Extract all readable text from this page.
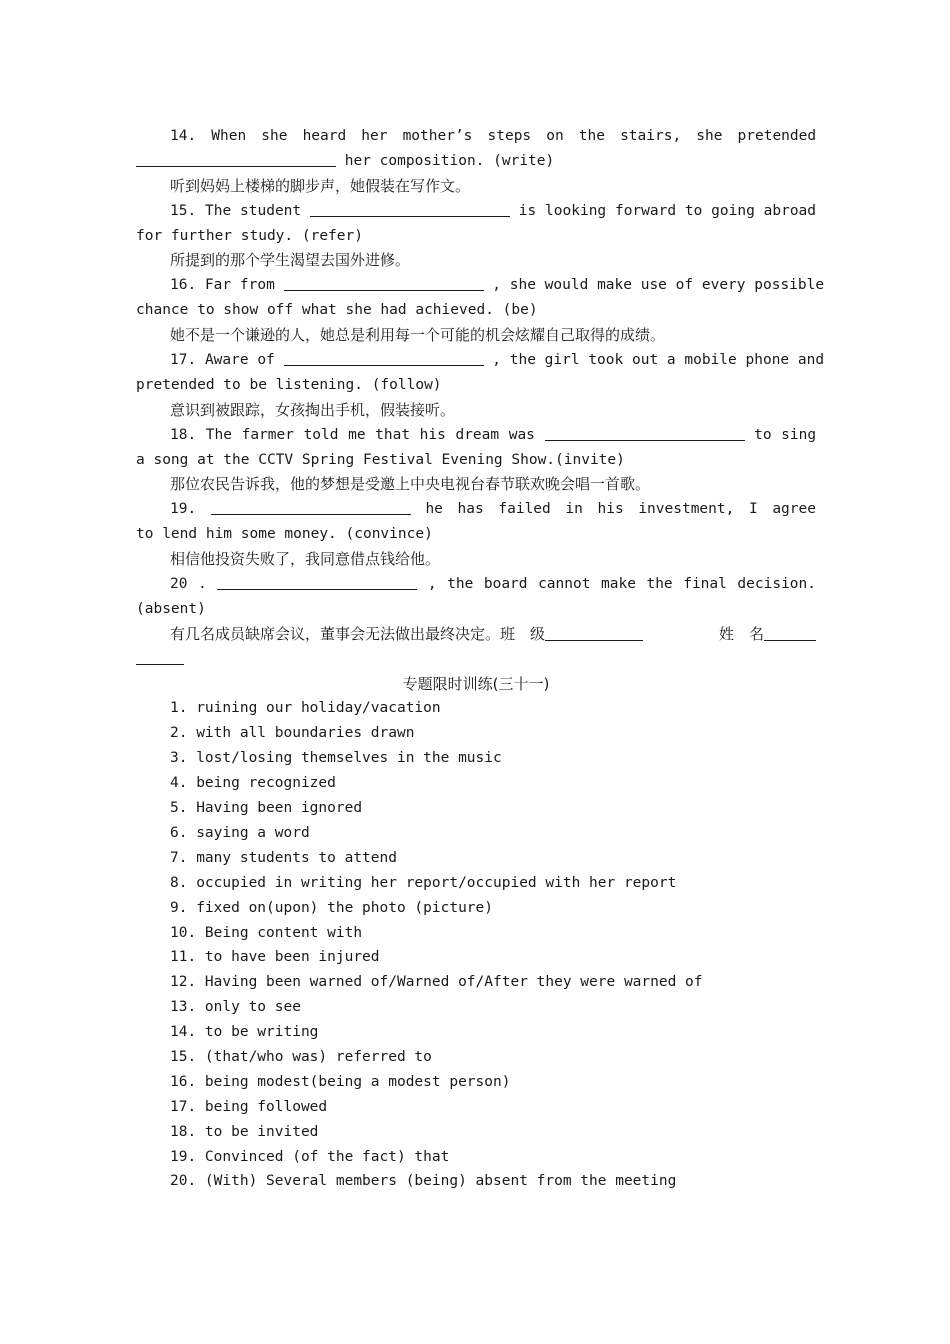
14. When she heard her mother’s steps on the stairs, she pretended
her composition. (write)
听到妈妈上楼梯的脚步声，她假装在写作文。
15. The student	is looking forward to going abroad
for further study. (refer)
所提到的那个学生渴望去国外进修。
16. Far from	, she would make use of every possible
chance to show off what she had achieved. (be)
她不是一个谦逊的人，她总是利用每一个可能的机会炫耀自己取得的成绩。
17. Aware of	, the girl took out a mobile phone and
pretended to be listening. (follow)
意识到被跟踪，女孩掏出手机，假装接听。
18. The farmer told me that his dream was	to sing
a song at the CCTV Spring Festival Evening Show.(invite)
那位农民告诉我，他的梦想是受邀上中央电视台春节联欢晚会唱一首歌。
19.	he has failed in his investment, I agree
to lend him some money. (convince)
相信他投资失败了，我同意借点钱给他。
20 .	, the board cannot make the final decision.
(absent)
有几名成员缺席会议，董事会无法做出最终决定。班　级	姓　名
专题限时训练(三十一)
1. ruining our holiday/vacation
2. with all boundaries drawn
3. lost/losing themselves in the music
4. being recognized
5. Having been ignored
6. saying a word
7. many students to attend
8. occupied in writing her report/occupied with her report
9. fixed on(upon) the photo (picture)
10. Being content with
11. to have been injured
12. Having been warned of/Warned of/After they were warned of
13. only to see
14. to be writing
15. (that/who was) referred to
16. being modest(being a modest person)
17. being followed
18. to be invited
19. Convinced (of the fact) that
20. (With) Several members (being) absent from the meeting
